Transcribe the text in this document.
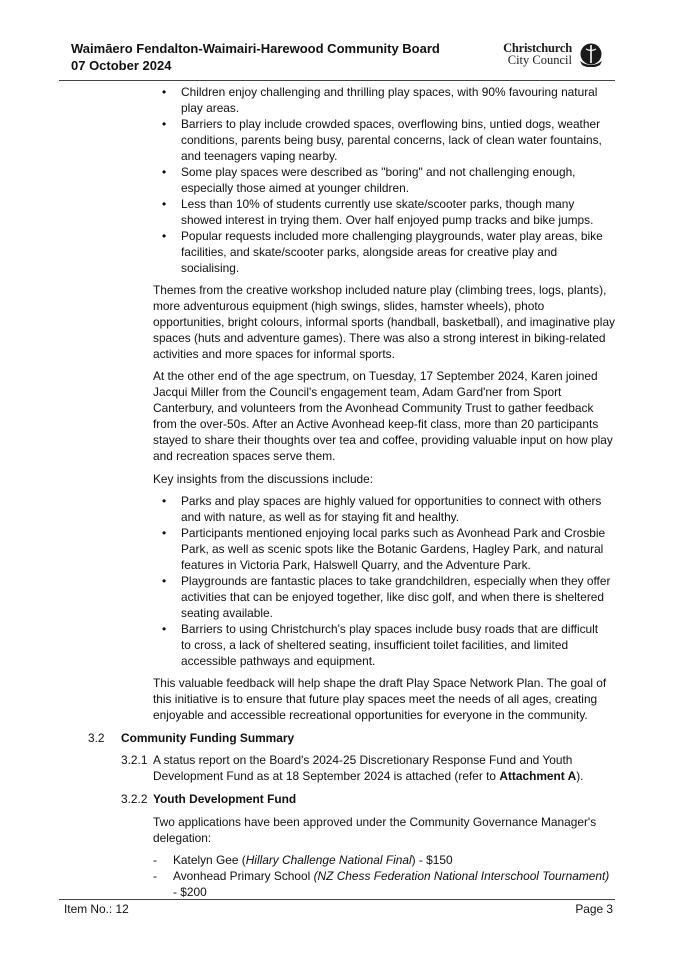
Waimāero Fendalton-Waimairi-Harewood Community Board
07 October 2024
Christchurch
City Council
• Children enjoy challenging and thrilling play spaces, with 90% favouring natural play areas.
• Barriers to play include crowded spaces, overflowing bins, untied dogs, weather conditions, parents being busy, parental concerns, lack of clean water fountains, and teenagers vaping nearby.
• Some play spaces were described as "boring" and not challenging enough, especially those aimed at younger children.
• Less than 10% of students currently use skate/scooter parks, though many showed interest in trying them. Over half enjoyed pump tracks and bike jumps.
• Popular requests included more challenging playgrounds, water play areas, bike facilities, and skate/scooter parks, alongside areas for creative play and socialising.

Themes from the creative workshop included nature play (climbing trees, logs, plants), more adventurous equipment (high swings, slides, hamster wheels), photo opportunities, bright colours, informal sports (handball, basketball), and imaginative play spaces (huts and adventure games). There was also a strong interest in biking-related activities and more spaces for informal sports.

At the other end of the age spectrum, on Tuesday, 17 September 2024, Karen joined Jacqui Miller from the Council's engagement team, Adam Gard'ner from Sport Canterbury, and volunteers from the Avonhead Community Trust to gather feedback from the over-50s. After an Active Avonhead keep-fit class, more than 20 participants stayed to share their thoughts over tea and coffee, providing valuable input on how play and recreation spaces serve them.

Key insights from the discussions include:

• Parks and play spaces are highly valued for opportunities to connect with others and with nature, as well as for staying fit and healthy.
• Participants mentioned enjoying local parks such as Avonhead Park and Crosbie Park, as well as scenic spots like the Botanic Gardens, Hagley Park, and natural features in Victoria Park, Halswell Quarry, and the Adventure Park.
• Playgrounds are fantastic places to take grandchildren, especially when they offer activities that can be enjoyed together, like disc golf, and when there is sheltered seating available.
• Barriers to using Christchurch's play spaces include busy roads that are difficult to cross, a lack of sheltered seating, insufficient toilet facilities, and limited accessible pathways and equipment.

This valuable feedback will help shape the draft Play Space Network Plan. The goal of this initiative is to ensure that future play spaces meet the needs of all ages, creating enjoyable and accessible recreational opportunities for everyone in the community.

3.2 Community Funding Summary
3.2.1 A status report on the Board's 2024-25 Discretionary Response Fund and Youth Development Fund as at 18 September 2024 is attached (refer to Attachment A).

3.2.2 Youth Development Fund

Two applications have been approved under the Community Governance Manager's delegation:

- Katelyn Gee (Hillary Challenge National Final) - $150
- Avonhead Primary School (NZ Chess Federation National Interschool Tournament) - $200
Item No.: 12	Page 3
